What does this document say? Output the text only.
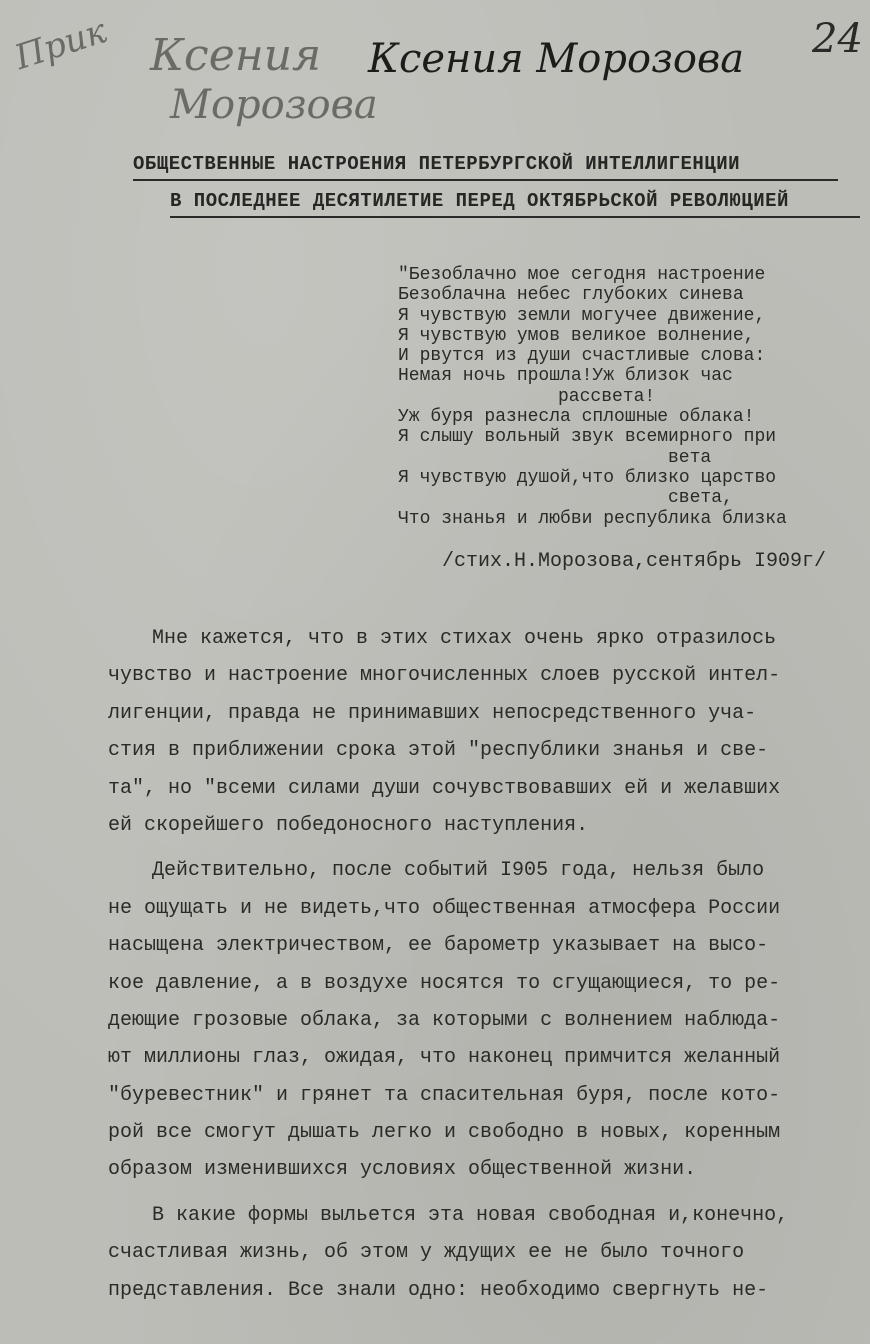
Прик Ксения
Морозова
Ксения Морозова 24
ОБЩЕСТВЕННЫЕ НАСТРОЕНИЯ ПЕТЕРБУРГСКОЙ ИНТЕЛЛИГЕНЦИИ
В ПОСЛЕДНЕЕ ДЕСЯТИЛЕТИЕ ПЕРЕД ОКТЯБРЬСКОЙ РЕВОЛЮЦИЕЙ
"Безоблачно мое сегодня настроение
Безоблачна небес глубоких синева
Я чувствую земли могучее движение,
Я чувствую умов великое волнение,
И рвутся из души счастливые слова:
Немая ночь прошла!Уж близок час
рассвета!
Уж буря разнесла сплошные облака!
Я слышу вольный звук всемирного при
вета
Я чувствую душой,что близко царство
света,
Что знанья и любви республика близка
/стих.Н.Морозова,сентябрь I909г/
Мне кажется, что в этих стихах очень ярко отразилось
чувство и настроение многочисленных слоев русской интел-
лигенции, правда не принимавших непосредственного уча-
стия в приближении срока этой "республики знанья и све-
та", но "всеми силами души сочувствовавших ей и желавших
ей скорейшего победоносного наступления.
Действительно, после событий I905 года, нельзя было
не ощущать и не видеть,что общественная атмосфера России
насыщена электричеством, ее барометр указывает на высо-
кое давление, а в воздухе носятся то сгущающиеся, то ре-
деющие грозовые облака, за которыми с волнением наблюда-
ют миллионы глаз, ожидая, что наконец примчится желанный
"буревестник" и грянет та спасительная буря, после кото-
рой все смогут дышать легко и свободно в новых, коренным
образом изменившихся условиях общественной жизни.
В какие формы выльется эта новая свободная и,конечно,
счастливая жизнь, об этом у ждущих ее не было точного
представления. Все знали одно: необходимо свергнуть не-
